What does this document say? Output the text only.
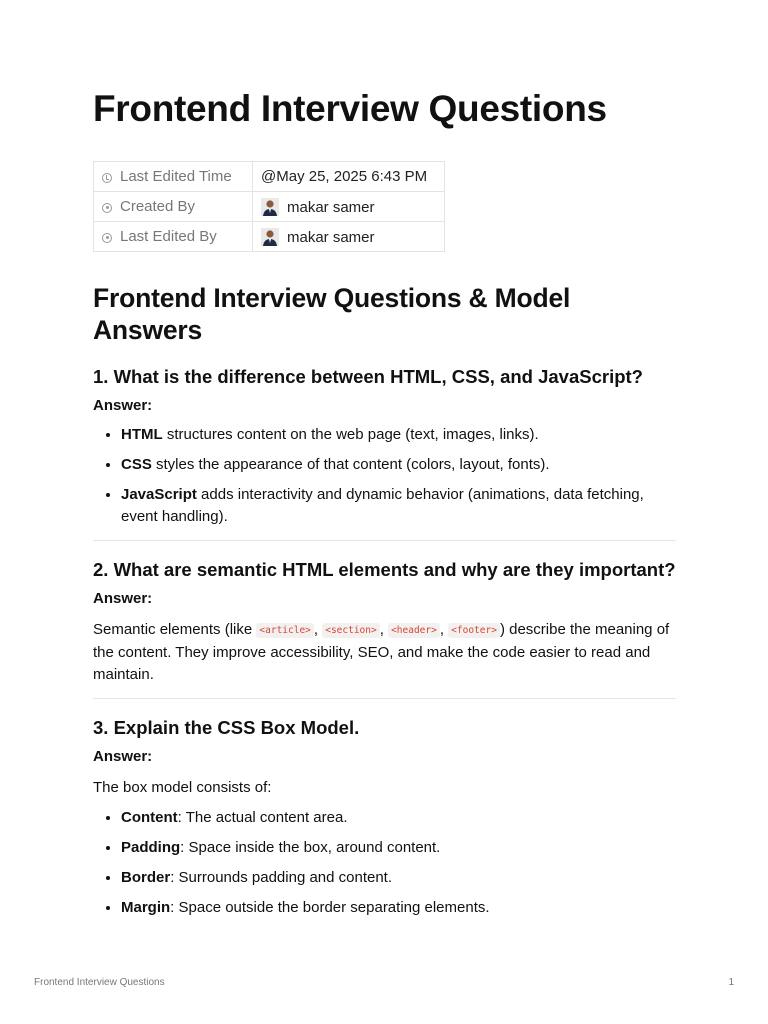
Frontend Interview Questions
Last Edited Time	@May 25, 2025 6:43 PM
Created By	makar samer
Last Edited By	makar samer
Frontend Interview Questions & Model Answers
1. What is the difference between HTML, CSS, and JavaScript?
Answer:
• HTML structures content on the web page (text, images, links).
• CSS styles the appearance of that content (colors, layout, fonts).
• JavaScript adds interactivity and dynamic behavior (animations, data fetching, event handling).
2. What are semantic HTML elements and why are they important?
Answer:

Semantic elements (like <article> , <section> , <header> , <footer> ) describe the meaning of the content. They improve accessibility, SEO, and make the code easier to read and maintain.

3. Explain the CSS Box Model.
Answer:

The box model consists of:

• Content: The actual content area.
• Padding: Space inside the box, around content.
• Border: Surrounds padding and content.
• Margin: Space outside the border separating elements.
Frontend Interview Questions	1
